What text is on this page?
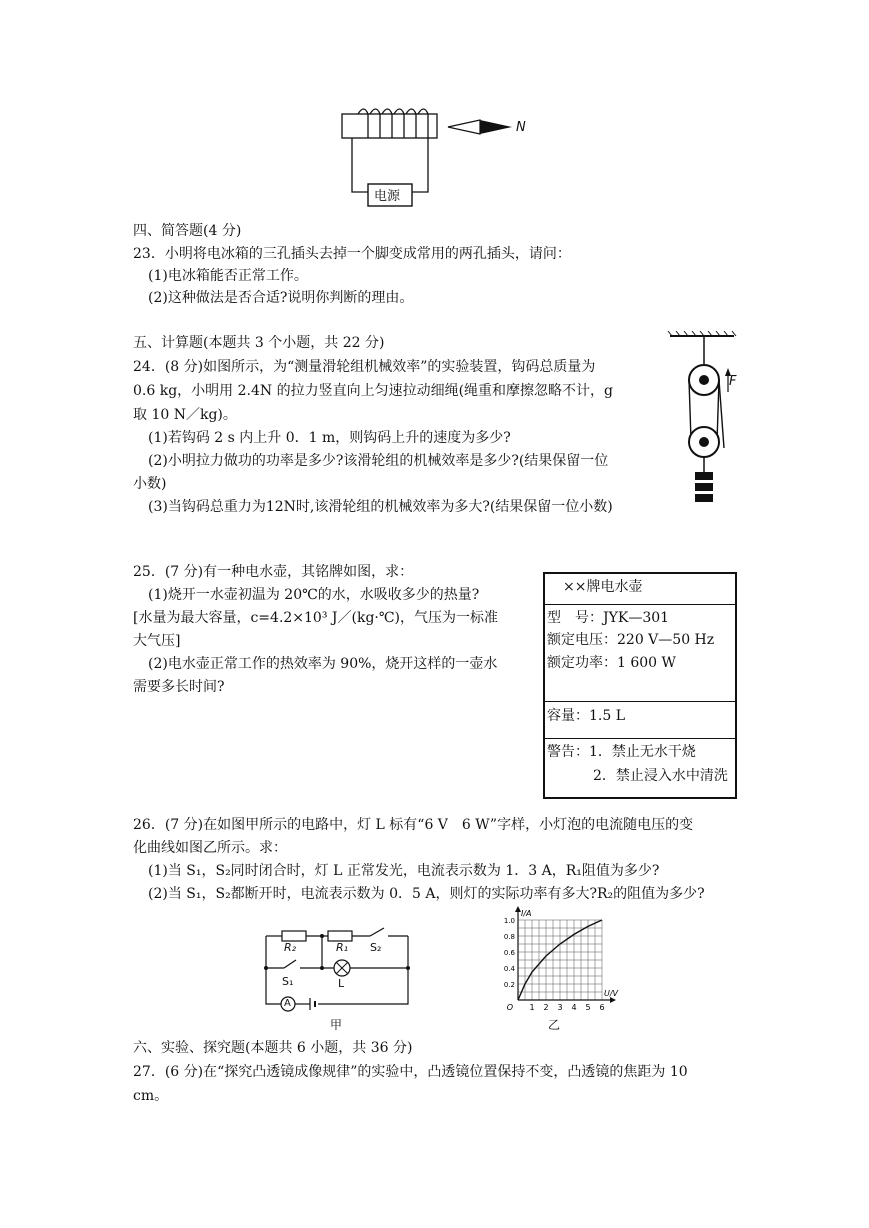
N
电源
四、简答题(4 分)
23．小明将电冰箱的三孔插头去掉一个脚变成常用的两孔插头，请问：
(1)电冰箱能否正常工作。
(2)这种做法是否合适?说明你判断的理由。
五、计算题(本题共 3 个小题，共 22 分)
24．(8 分)如图所示，为“测量滑轮组机械效率”的实验装置，钩码总质量为
0.6 kg，小明用 2.4N 的拉力竖直向上匀速拉动细绳(绳重和摩擦忽略不计，g
取 10 N／kg)。
(1)若钩码 2 s 内上升 0．1 m，则钩码上升的速度为多少?
(2)小明拉力做功的功率是多少?该滑轮组的机械效率是多少?(结果保留一位
小数)
(3)当钩码总重力为12N时,该滑轮组的机械效率为多大?(结果保留一位小数)
F
25．(7 分)有一种电水壶，其铭牌如图，求：
(1)烧开一水壶初温为 20℃的水，水吸收多少的热量?
[水量为最大容量，c=4.2×10³ J／(kg·℃)，气压为一标准
大气压]
(2)电水壶正常工作的热效率为 90%，烧开这样的一壶水
需要多长时间?
××牌电水壶
型　号：JYK—301
额定电压：220 V—50 Hz
额定功率：1 600 W
容量：1.5 L
警告：1．禁止无水干烧
2．禁止浸入水中清洗
26．(7 分)在如图甲所示的电路中，灯 L 标有“6 V　6 W”字样，小灯泡的电流随电压的变
化曲线如图乙所示。求：
(1)当 S₁，S₂同时闭合时，灯 L 正常发光，电流表示数为 1．3 A，R₁阻值为多少?
(2)当 S₁，S₂都断开时，电流表示数为 0．5 A，则灯的实际功率有多大?R₂的阻值为多少?
R₂	R₁ S₂
S₁	L
A
甲
1 2 3 4 5 6
0.2
0.4
0.6
0.8
1.0
O
U/V
I/A
乙
六、实验、探究题(本题共 6 小题，共 36 分)
27．(6 分)在“探究凸透镜成像规律”的实验中，凸透镜位置保持不变，凸透镜的焦距为 10
cm。
